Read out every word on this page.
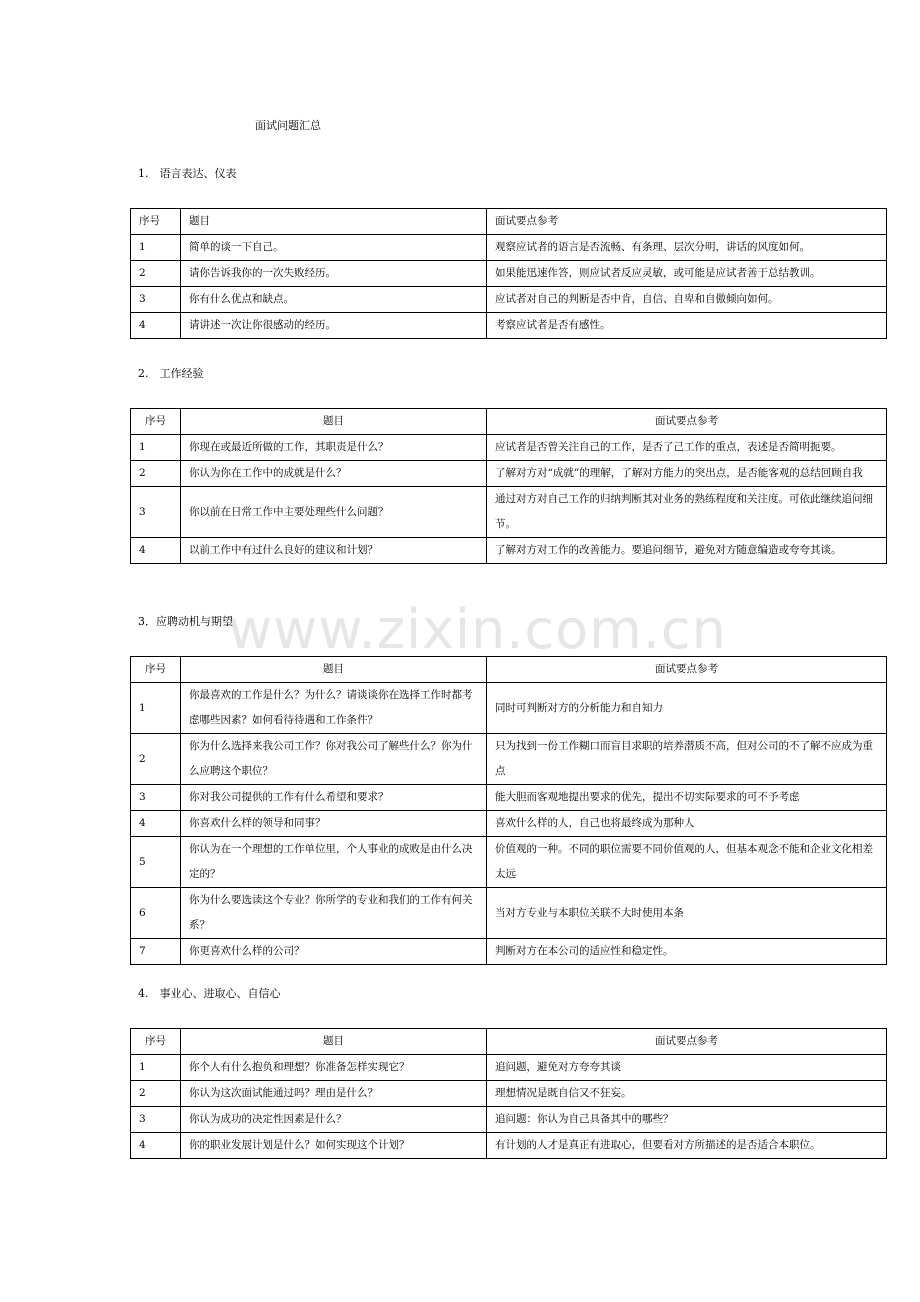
面试问题汇总
www.zixin.com.cn
1.　语言表达、仪表
序号	题目	面试要点参考
1	简单的谈一下自己。	观察应试者的语言是否流畅、有条理、层次分明，讲话的风度如何。
2	请你告诉我你的一次失败经历。	如果能迅速作答，则应试者反应灵敏，或可能是应试者善于总结教训。
3	你有什么优点和缺点。	应试者对自己的判断是否中肯，自信、自卑和自傲倾向如何。
4	请讲述一次让你很感动的经历。	考察应试者是否有感性。
2.　工作经验
序号	题目	面试要点参考
1	你现在或最近所做的工作，其职责是什么？	应试者是否曾关注自己的工作，是否了己工作的重点，表述是否简明扼要。
2	你认为你在工作中的成就是什么？	了解对方对“成就”的理解，了解对方能力的突出点，是否能客观的总结回顾自我
3	你以前在日常工作中主要处理些什么问题？	通过对方对自己工作的归纳判断其对业务的熟练程度和关注度。可依此继续追问细节。
4	以前工作中有过什么良好的建议和计划？	了解对方对工作的改善能力。要追问细节，避免对方随意编造或夸夸其谈。
3．应聘动机与期望
序号	题目	面试要点参考
1	你最喜欢的工作是什么？为什么？请谈谈你在选择工作时都考虑哪些因素？如何看待待遇和工作条件？	同时可判断对方的分析能力和自知力
2	你为什么选择来我公司工作？你对我公司了解些什么？你为什么应聘这个职位？	只为找到一份工作糊口而盲目求职的培养潜质不高，但对公司的不了解不应成为重点
3	你对我公司提供的工作有什么希望和要求？	能大胆而客观地提出要求的优先，提出不切实际要求的可不予考虑
4	你喜欢什么样的领导和同事？	喜欢什么样的人，自己也将最终成为那种人
5	你认为在一个理想的工作单位里，个人事业的成败是由什么决定的？	价值观的一种。不同的职位需要不同价值观的人，但基本观念不能和企业文化相差太远
6	你为什么要选读这个专业？你所学的专业和我们的工作有何关系？	当对方专业与本职位关联不大时使用本条
7	你更喜欢什么样的公司？	判断对方在本公司的适应性和稳定性。
4.　事业心、进取心、自信心
序号	题目	面试要点参考
1	你个人有什么抱负和理想？你准备怎样实现它？	追问题，避免对方夸夸其谈
2	你认为这次面试能通过吗？理由是什么？	理想情况是既自信又不狂妄。
3	你认为成功的决定性因素是什么？	追问题：你认为自己具备其中的哪些？
4	你的职业发展计划是什么？如何实现这个计划？	有计划的人才是真正有进取心，但要看对方所描述的是否适合本职位。
